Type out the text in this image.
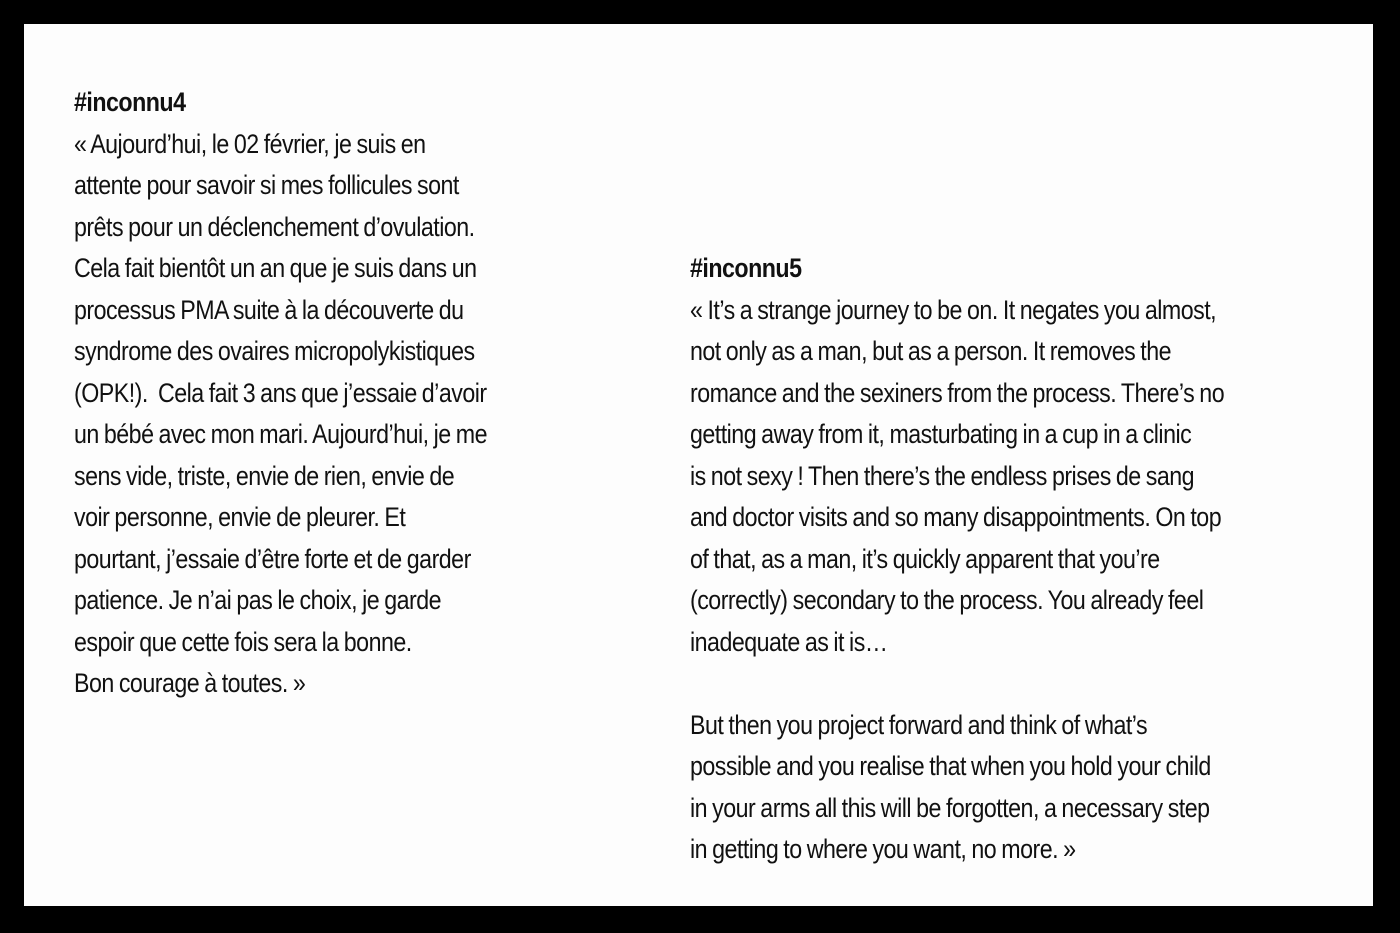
#inconnu4
« Aujourd’hui, le 02 février, je suis en
attente pour savoir si mes follicules sont
prêts pour un déclenchement d’ovulation.
Cela fait bientôt un an que je suis dans un
processus PMA suite à la découverte du
syndrome des ovaires micropolykistiques
(OPK!).  Cela fait 3 ans que j’essaie d’avoir
un bébé avec mon mari. Aujourd’hui, je me
sens vide, triste, envie de rien, envie de
voir personne, envie de pleurer. Et
pourtant, j’essaie d’être forte et de garder
patience. Je n’ai pas le choix, je garde
espoir que cette fois sera la bonne.
Bon courage à toutes. »
#inconnu5
« It’s a strange journey to be on. It negates you almost,
not only as a man, but as a person. It removes the
romance and the sexiners from the process. There’s no
getting away from it, masturbating in a cup in a clinic
is not sexy ! Then there’s the endless prises de sang
and doctor visits and so many disappointments. On top
of that, as a man, it’s quickly apparent that you’re
(correctly) secondary to the process. You already feel
inadequate as it is…
But then you project forward and think of what’s
possible and you realise that when you hold your child
in your arms all this will be forgotten, a necessary step
in getting to where you want, no more. »
